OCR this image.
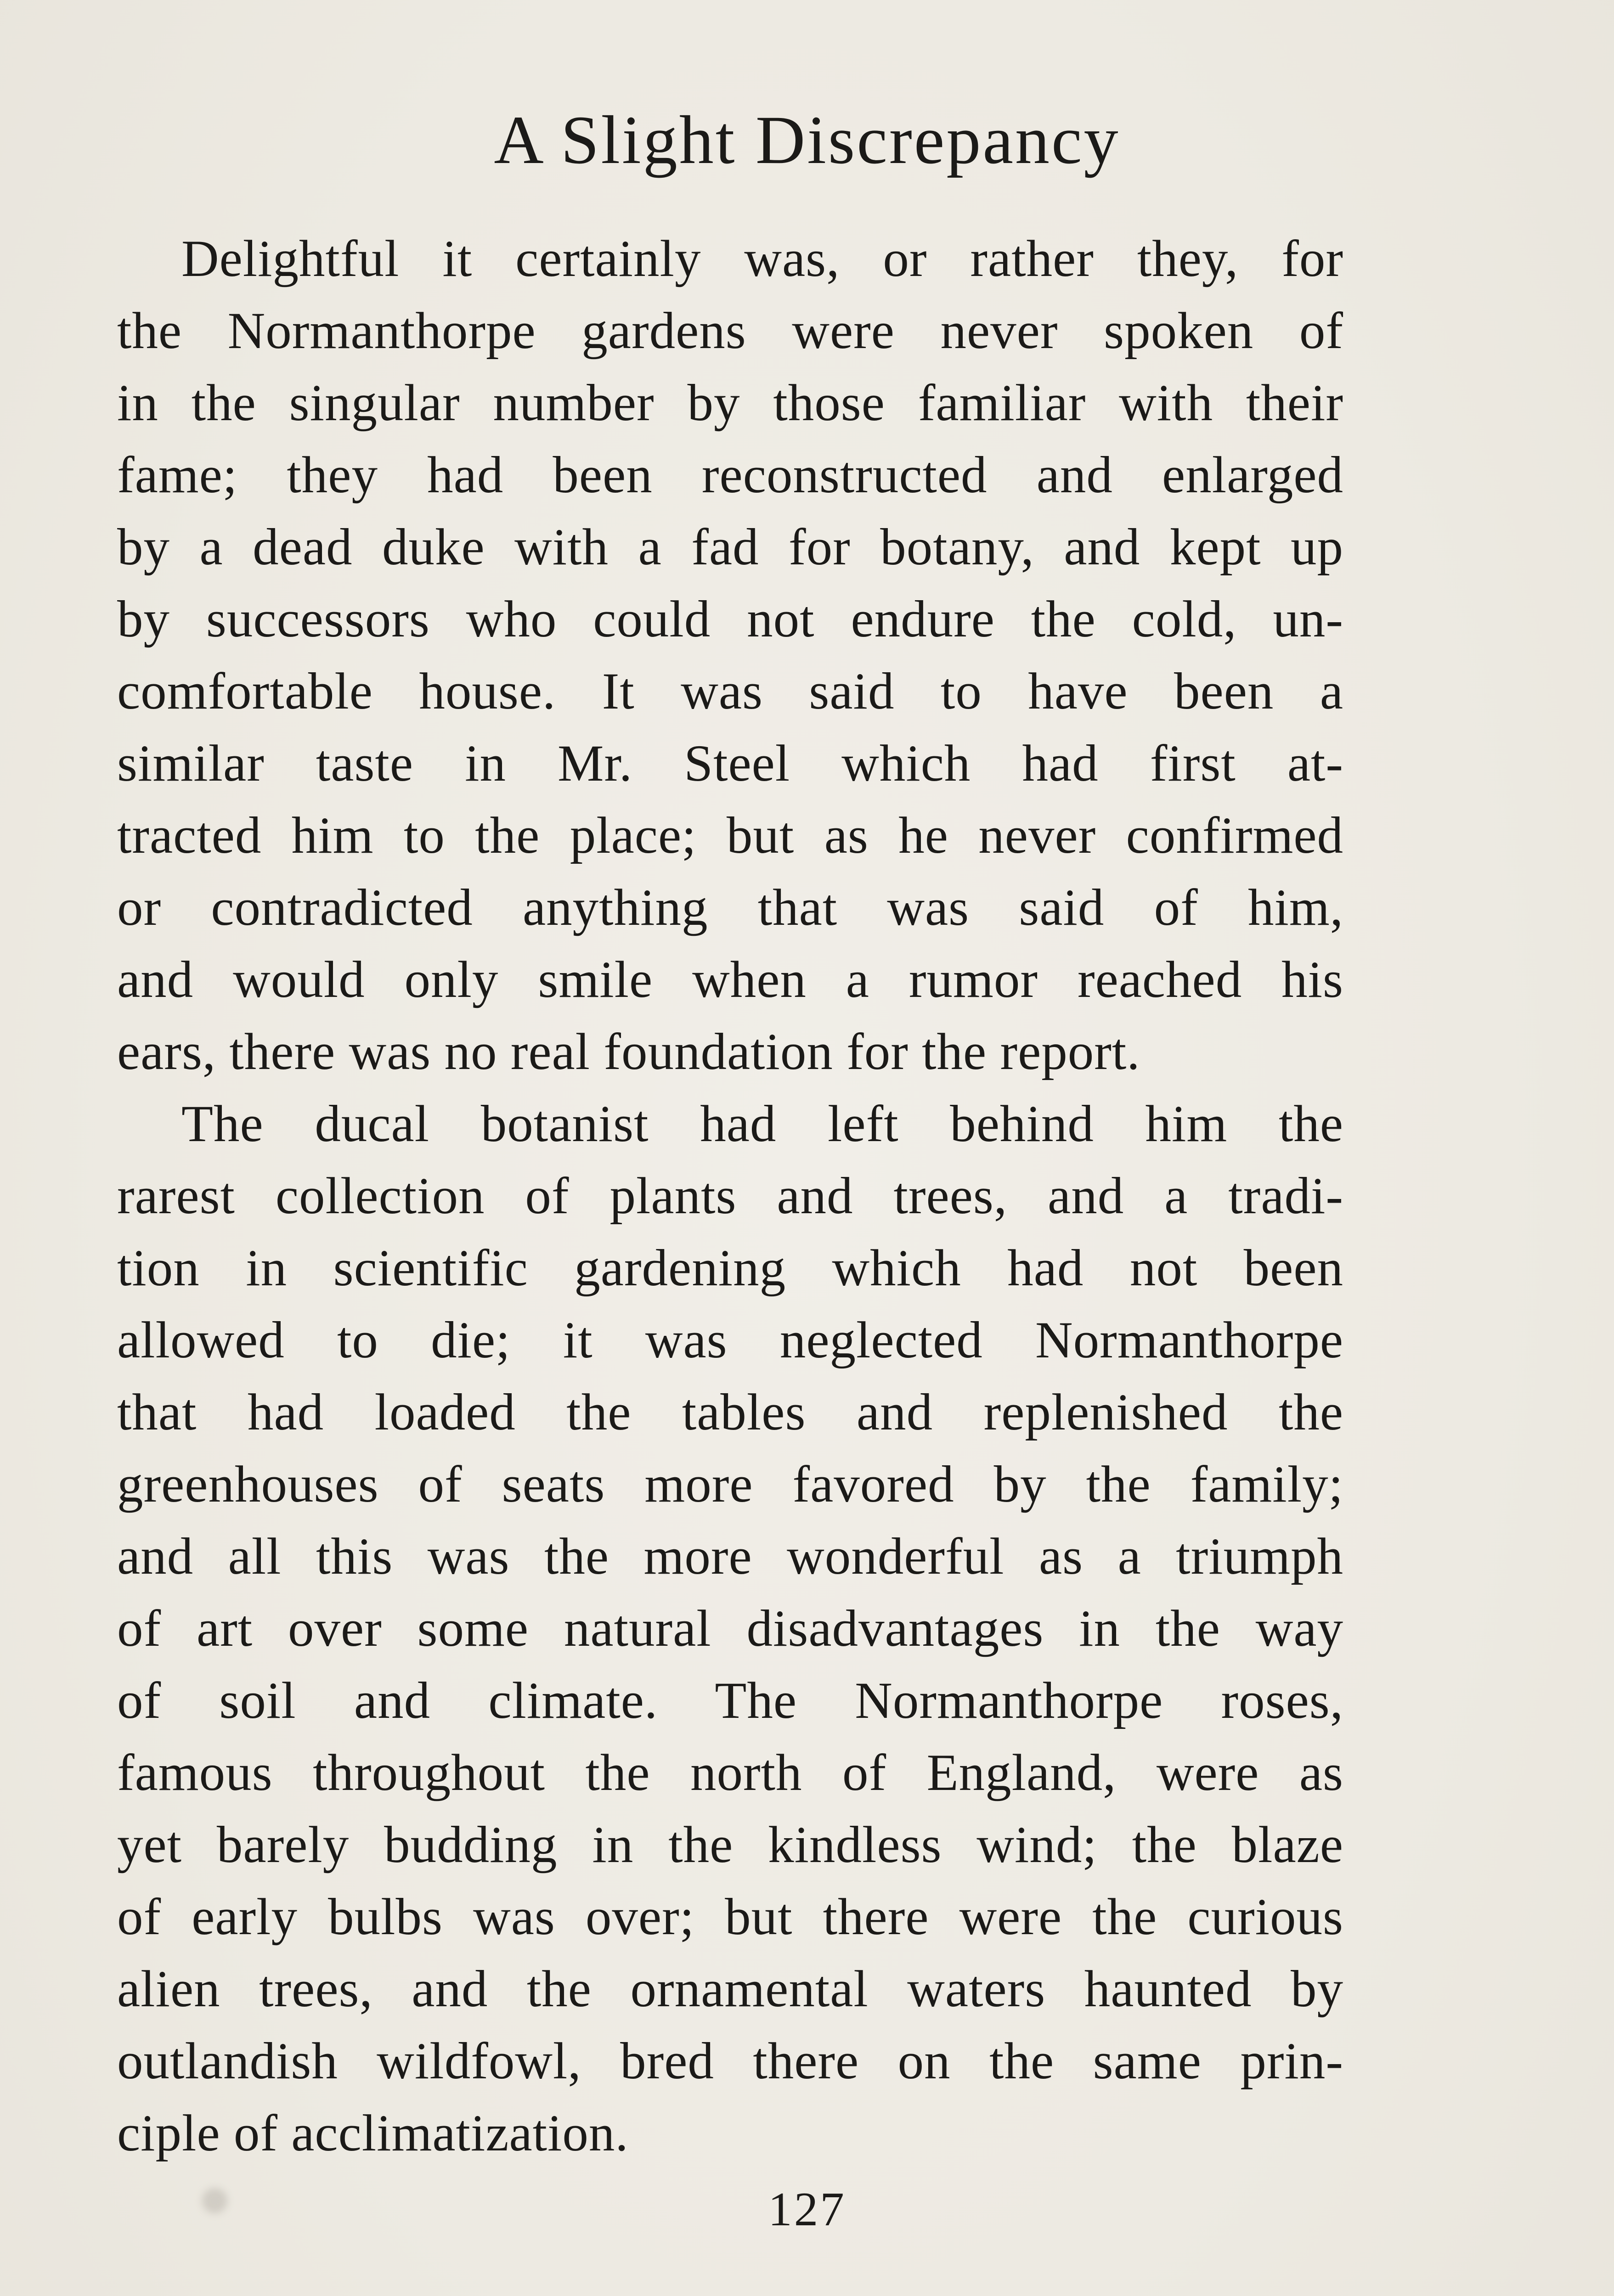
A Slight Discrepancy
Delightful it certainly was, or rather they, for
the Normanthorpe gardens were never spoken of
in the singular number by those familiar with their
fame; they had been reconstructed and enlarged
by a dead duke with a fad for botany, and kept up
by successors who could not endure the cold, un-
comfortable house. It was said to have been a
similar taste in Mr. Steel which had first at-
tracted him to the place; but as he never confirmed
or contradicted anything that was said of him,
and would only smile when a rumor reached his
ears, there was no real foundation for the report.
The ducal botanist had left behind him the
rarest collection of plants and trees, and a tradi-
tion in scientific gardening which had not been
allowed to die; it was neglected Normanthorpe
that had loaded the tables and replenished the
greenhouses of seats more favored by the family;
and all this was the more wonderful as a triumph
of art over some natural disadvantages in the way
of soil and climate. The Normanthorpe roses,
famous throughout the north of England, were as
yet barely budding in the kindless wind; the blaze
of early bulbs was over; but there were the curious
alien trees, and the ornamental waters haunted by
outlandish wildfowl, bred there on the same prin-
ciple of acclimatization.
127
